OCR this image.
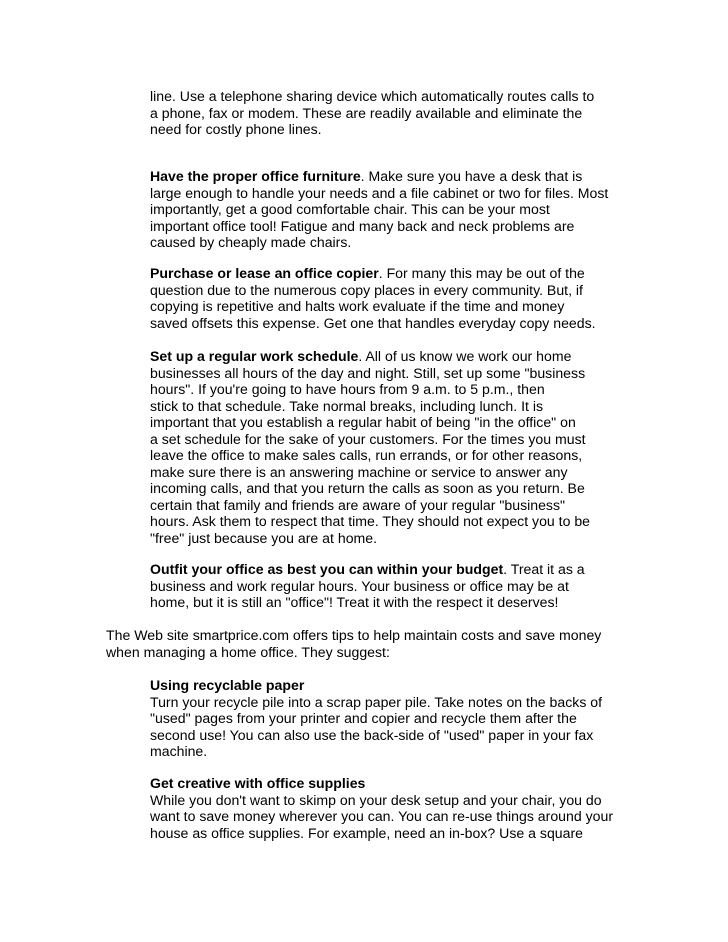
line. Use a telephone sharing device which automatically routes calls to
a phone, fax or modem. These are readily available and eliminate the
need for costly phone lines.
Have the proper office furniture. Make sure you have a desk that is
large enough to handle your needs and a file cabinet or two for files. Most
importantly, get a good comfortable chair. This can be your most
important office tool! Fatigue and many back and neck problems are
caused by cheaply made chairs.
Purchase or lease an office copier. For many this may be out of the
question due to the numerous copy places in every community. But, if
copying is repetitive and halts work evaluate if the time and money
saved offsets this expense. Get one that handles everyday copy needs.
Set up a regular work schedule. All of us know we work our home
businesses all hours of the day and night. Still, set up some "business
hours". If you're going to have hours from 9 a.m. to 5 p.m., then
stick to that schedule. Take normal breaks, including lunch. It is
important that you establish a regular habit of being "in the office" on
a set schedule for the sake of your customers. For the times you must
leave the office to make sales calls, run errands, or for other reasons,
make sure there is an answering machine or service to answer any
incoming calls, and that you return the calls as soon as you return. Be
certain that family and friends are aware of your regular "business"
hours. Ask them to respect that time. They should not expect you to be
"free" just because you are at home.
Outfit your office as best you can within your budget. Treat it as a
business and work regular hours. Your business or office may be at
home, but it is still an "office"! Treat it with the respect it deserves!
The Web site smartprice.com offers tips to help maintain costs and save money
when managing a home office. They suggest:
Using recyclable paper
Turn your recycle pile into a scrap paper pile. Take notes on the backs of
"used" pages from your printer and copier and recycle them after the
second use! You can also use the back-side of "used" paper in your fax
machine.
Get creative with office supplies
While you don't want to skimp on your desk setup and your chair, you do
want to save money wherever you can. You can re-use things around your
house as office supplies. For example, need an in-box? Use a square
